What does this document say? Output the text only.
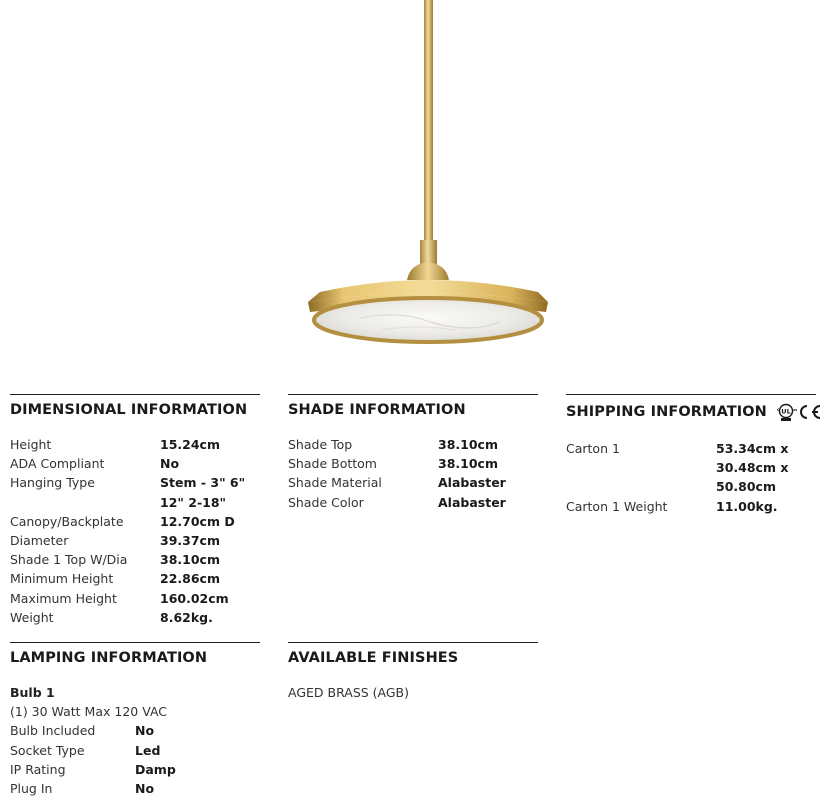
DIMENSIONAL INFORMATION
Height	15.24cm
ADA Compliant	No
Hanging Type	Stem - 3" 6" 12" 2-18"
Canopy/Backplate	12.70cm D
Diameter	39.37cm
Shade 1 Top W/Dia	38.10cm
Minimum Height	22.86cm
Maximum Height	160.02cm
Weight	8.62kg.
SHADE INFORMATION
Shade Top	38.10cm
Shade Bottom	38.10cm
Shade Material	Alabaster
Shade Color	Alabaster
SHIPPING INFORMATION UL
c	us
Carton 1	53.34cm x 30.48cm x 50.80cm
Carton 1 Weight	11.00kg.
LAMPING INFORMATION
Bulb 1
(1) 30 Watt Max 120 VAC
Bulb Included	No
Socket Type	Led
IP Rating	Damp
Plug In	No
AVAILABLE FINISHES
AGED BRASS (AGB)
